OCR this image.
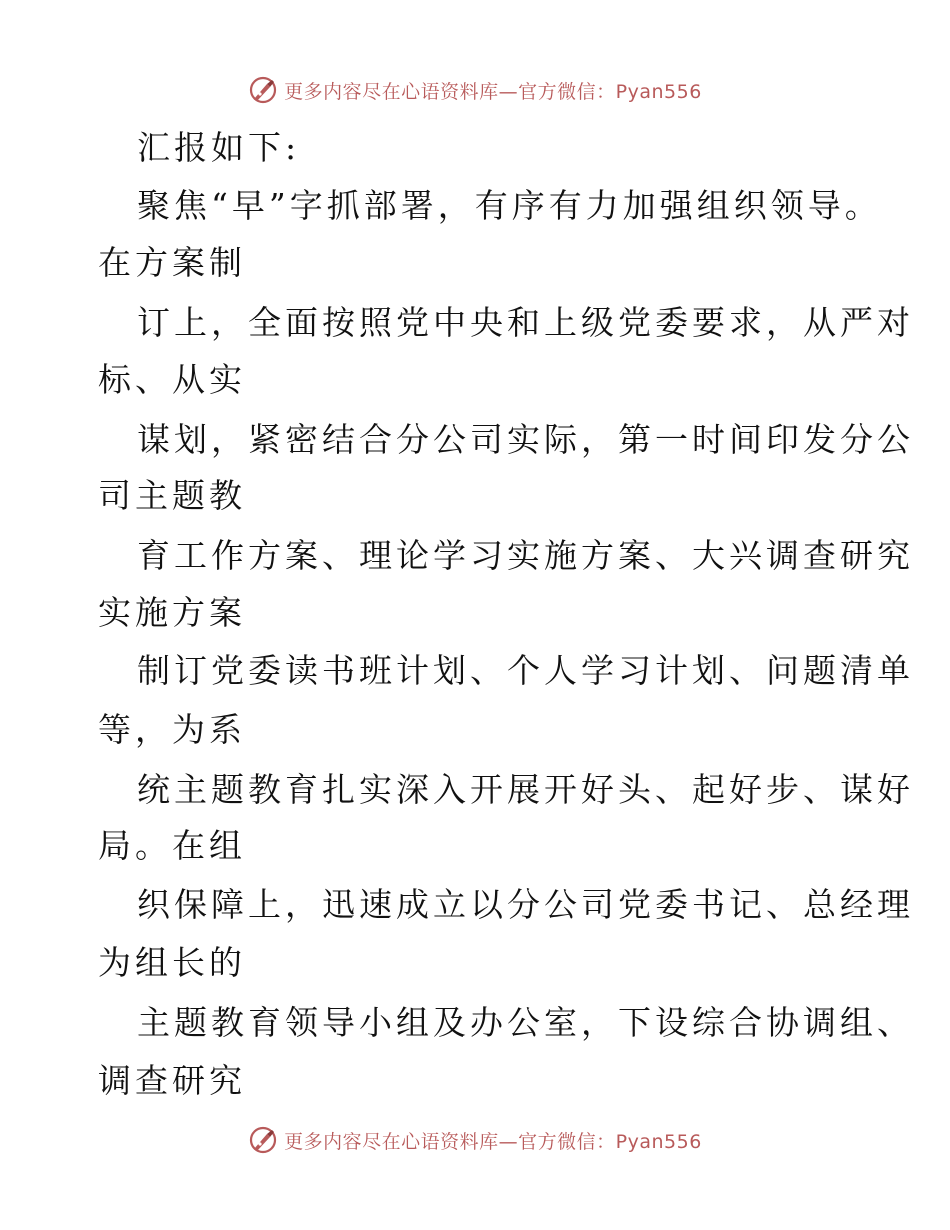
更多内容尽在心语资料库—官方微信：Pyan556
汇报如下:
聚焦“早”字抓部署，有序有力加强组织领导。
在方案制
订上，全面按照党中央和上级党委要求，从严对
标、从实
谋划，紧密结合分公司实际，第一时间印发分公
司主题教
育工作方案、理论学习实施方案、大兴调查研究
实施方案
制订党委读书班计划、个人学习计划、问题清单
等，为系
统主题教育扎实深入开展开好头、起好步、谋好
局。在组
织保障上，迅速成立以分公司党委书记、总经理
为组长的
主题教育领导小组及办公室，下设综合协调组、
调查研究
更多内容尽在心语资料库—官方微信：Pyan556
